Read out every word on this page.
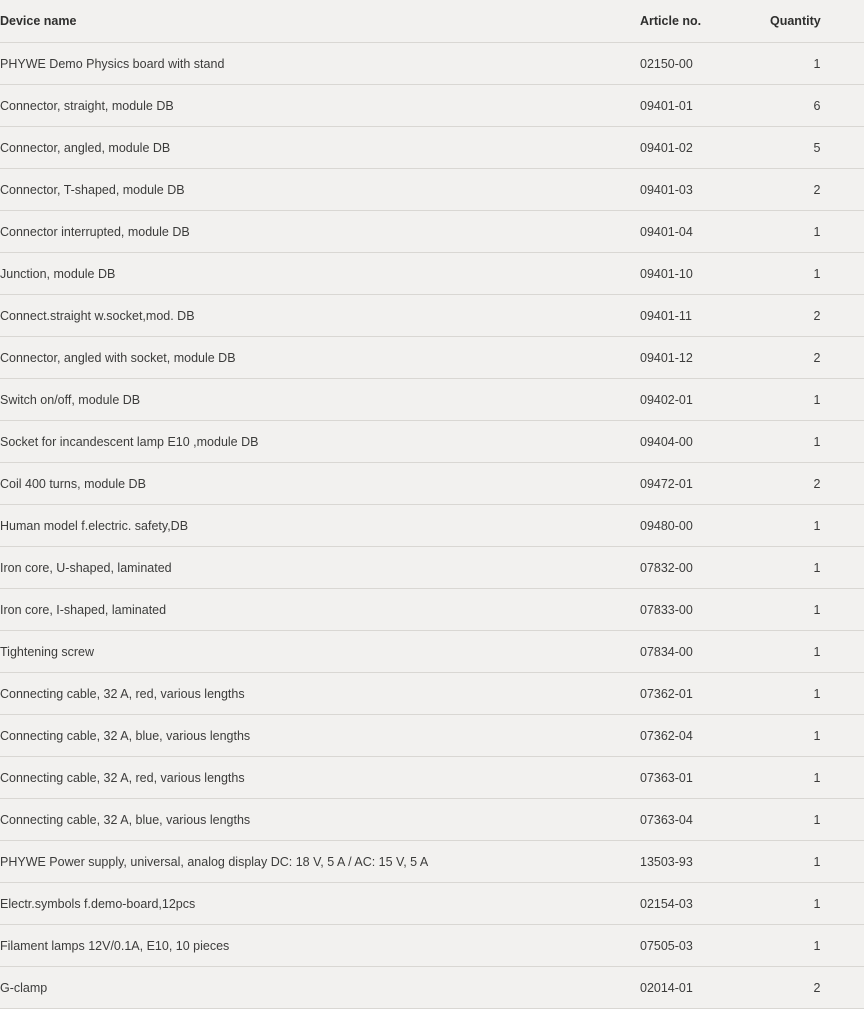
Device name	Article no.	Quantity
PHYWE Demo Physics board with stand	02150-00	1
Connector, straight, module DB	09401-01	6
Connector, angled, module DB	09401-02	5
Connector, T-shaped, module DB	09401-03	2
Connector interrupted, module DB	09401-04	1
Junction, module DB	09401-10	1
Connect.straight w.socket,mod. DB	09401-11	2
Connector, angled with socket, module DB	09401-12	2
Switch on/off, module DB	09402-01	1
Socket for incandescent lamp E10 ,module DB	09404-00	1
Coil 400 turns, module DB	09472-01	2
Human model f.electric. safety,DB	09480-00	1
Iron core, U-shaped, laminated	07832-00	1
Iron core, I-shaped, laminated	07833-00	1
Tightening screw	07834-00	1
Connecting cable, 32 A, red, various lengths	07362-01	1
Connecting cable, 32 A, blue, various lengths	07362-04	1
Connecting cable, 32 A, red, various lengths	07363-01	1
Connecting cable, 32 A, blue, various lengths	07363-04	1
PHYWE Power supply, universal, analog display DC: 18 V, 5 A / AC: 15 V, 5 A	13503-93	1
Electr.symbols f.demo-board,12pcs	02154-03	1
Filament lamps 12V/0.1A, E10, 10 pieces	07505-03	1
G-clamp	02014-01	2
